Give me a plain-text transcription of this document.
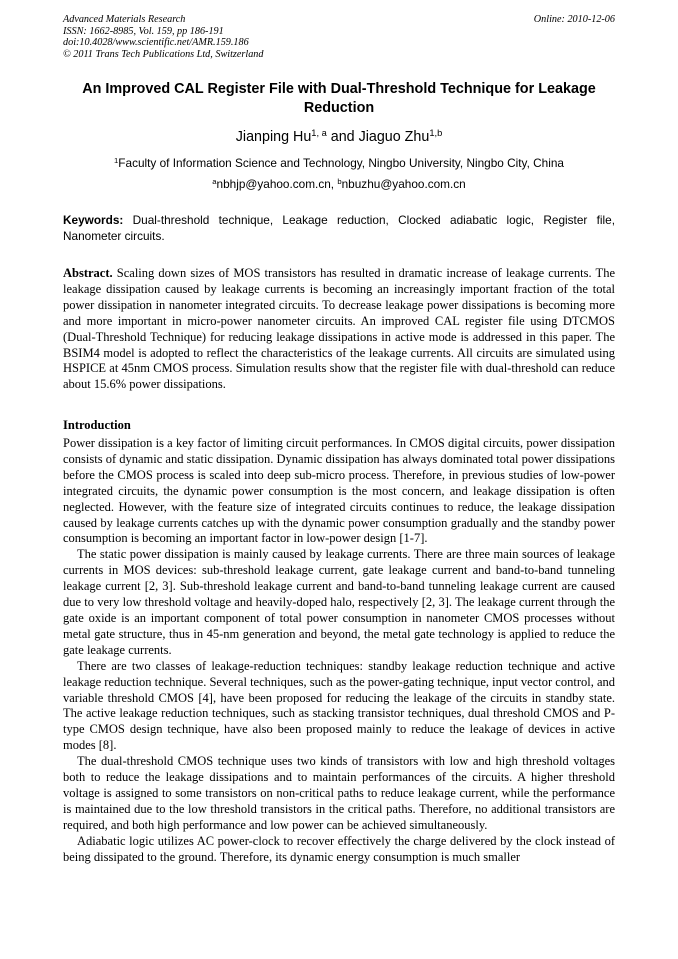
Advanced Materials Research
ISSN: 1662-8985, Vol. 159, pp 186-191
doi:10.4028/www.scientific.net/AMR.159.186
© 2011 Trans Tech Publications Ltd, Switzerland
Online: 2010-12-06
An Improved CAL Register File with Dual-Threshold Technique for Leakage Reduction
Jianping Hu$^{1, a}$ and Jiaguo Zhu$^{1,b}$
$^1$Faculty of Information Science and Technology, Ningbo University, Ningbo City, China
$^a$nbhjp@yahoo.com.cn, $^b$nbuzhu@yahoo.com.cn
Keywords: Dual-threshold technique, Leakage reduction, Clocked adiabatic logic, Register file, Nanometer circuits.
Abstract. Scaling down sizes of MOS transistors has resulted in dramatic increase of leakage currents. The leakage dissipation caused by leakage currents is becoming an increasingly important fraction of the total power dissipation in nanometer integrated circuits. To decrease leakage power dissipations is becoming more and more important in micro-power nanometer circuits. An improved CAL register file using DTCMOS (Dual-Threshold Technique) for reducing leakage dissipations in active mode is addressed in this paper. The BSIM4 model is adopted to reflect the characteristics of the leakage currents. All circuits are simulated using HSPICE at 45nm CMOS process. Simulation results show that the register file with dual-threshold can reduce about 15.6% power dissipations.
Introduction

Power dissipation is a key factor of limiting circuit performances. In CMOS digital circuits, power dissipation consists of dynamic and static dissipation. Dynamic dissipation has always dominated total power dissipations before the CMOS process is scaled into deep sub-micro process. Therefore, in previous studies of low-power integrated circuits, the dynamic power consumption is the most concern, and leakage dissipation is often neglected. However, with the feature size of integrated circuits continues to reduce, the leakage dissipation caused by leakage currents catches up with the dynamic power consumption gradually and the standby power consumption is becoming an important factor in low-power design [1-7].

The static power dissipation is mainly caused by leakage currents. There are three main sources of leakage currents in MOS devices: sub-threshold leakage current, gate leakage current and band-to-band tunneling leakage current [2, 3]. Sub-threshold leakage current and band-to-band tunneling leakage current are caused due to very low threshold voltage and heavily-doped halo, respectively [2, 3]. The leakage current through the gate oxide is an important component of total power consumption in nanometer CMOS processes without metal gate structure, thus in 45-nm generation and beyond, the metal gate technology is applied to reduce the gate leakage currents.

There are two classes of leakage-reduction techniques: standby leakage reduction technique and active leakage reduction technique. Several techniques, such as the power-gating technique, input vector control, and variable threshold CMOS [4], have been proposed for reducing the leakage of the circuits in standby state. The active leakage reduction techniques, such as stacking transistor techniques, dual threshold CMOS and P-type CMOS design technique, have also been proposed mainly to reduce the leakage of devices in active modes [8].

The dual-threshold CMOS technique uses two kinds of transistors with low and high threshold voltages both to reduce the leakage dissipations and to maintain performances of the circuits. A higher threshold voltage is assigned to some transistors on non-critical paths to reduce leakage current, while the performance is maintained due to the low threshold transistors in the critical paths. Therefore, no additional transistors are required, and both high performance and low power can be achieved simultaneously.

Adiabatic logic utilizes AC power-clock to recover effectively the charge delivered by the clock instead of being dissipated to the ground. Therefore, its dynamic energy consumption is much smaller
